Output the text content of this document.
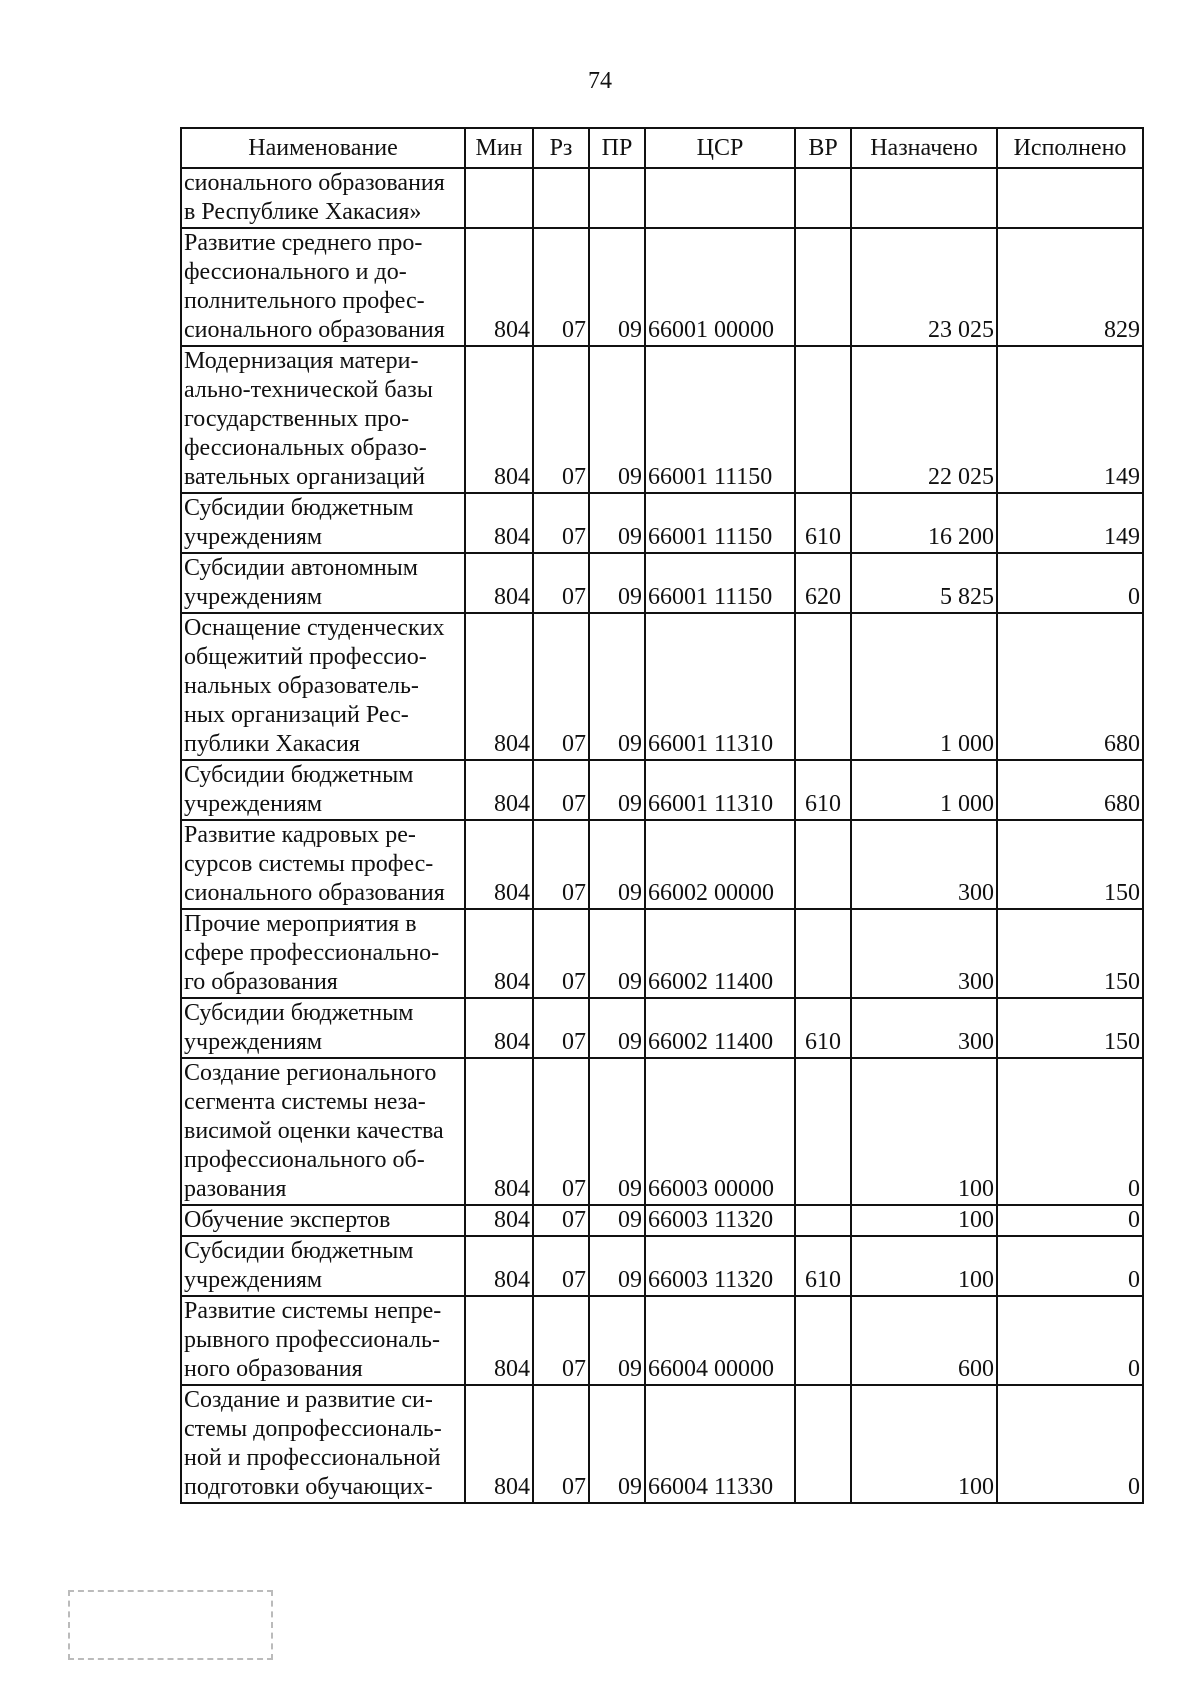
74
Наименование	Мин	Рз	ПР	ЦСР	ВР	Назначено	Исполнено
сионального образования
в Республике Хакасия»							
Развитие среднего про-
фессионального и до-
полнительного профес-
сионального образования	804	07	09	66001 00000		23 025	829
Модернизация матери-
ально-технической базы
государственных про-
фессиональных образо-
вательных организаций	804	07	09	66001 11150		22 025	149
Субсидии бюджетным
учреждениям	804	07	09	66001 11150	610	16 200	149
Субсидии автономным
учреждениям	804	07	09	66001 11150	620	5 825	0
Оснащение студенческих
общежитий профессио-
нальных образователь-
ных организаций Рес-
публики Хакасия	804	07	09	66001 11310		1 000	680
Субсидии бюджетным
учреждениям	804	07	09	66001 11310	610	1 000	680
Развитие кадровых ре-
сурсов системы профес-
сионального образования	804	07	09	66002 00000		300	150
Прочие мероприятия в
сфере профессионально-
го образования	804	07	09	66002 11400		300	150
Субсидии бюджетным
учреждениям	804	07	09	66002 11400	610	300	150
Создание регионального
сегмента системы неза-
висимой оценки качества
профессионального об-
разования	804	07	09	66003 00000		100	0
Обучение экспертов	804	07	09	66003 11320		100	0
Субсидии бюджетным
учреждениям	804	07	09	66003 11320	610	100	0
Развитие системы непре-
рывного профессиональ-
ного образования	804	07	09	66004 00000		600	0
Создание и развитие си-
стемы допрофессиональ-
ной и профессиональной
подготовки обучающих-	804	07	09	66004 11330		100	0
